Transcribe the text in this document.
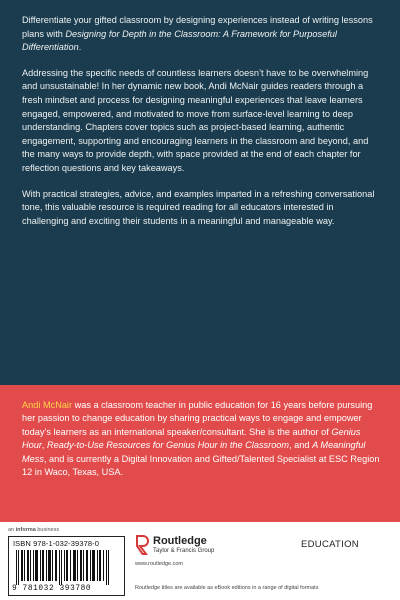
Differentiate your gifted classroom by designing experiences instead of writing lessons plans with Designing for Depth in the Classroom: A Framework for Purposeful Differentiation.

Addressing the specific needs of countless learners doesn’t have to be overwhelming and unsustainable! In her dynamic new book, Andi McNair guides readers through a fresh mindset and process for designing meaningful experiences that leave learners engaged, empowered, and motivated to move from surface-level learning to deep understanding. Chapters cover topics such as project-based learning, authentic engagement, supporting and encouraging learners in the classroom and beyond, and the many ways to provide depth, with space provided at the end of each chapter for reflection questions and key takeaways.

With practical strategies, advice, and examples imparted in a refreshing conversational tone, this valuable resource is required reading for all educators interested in challenging and exciting their students in a meaningful and manageable way.

Andi McNair was a classroom teacher in public education for 16 years before pursuing her passion to change education by sharing practical ways to engage and empower today’s learners as an international speaker/consultant. She is the author of Genius Hour, Ready-to-Use Resources for Genius Hour in the Classroom, and A Meaningful Mess, and is currently a Digital Innovation and Gifted/Talented Specialist at ESC Region 12 in Waco, Texas, USA.

an informa business
ISBN 978-1-032-39378-0
9 781032 393780
Routledge
Taylor & Francis Group
www.routledge.com
EDUCATION
Routledge titles are available as eBook editions in a range of digital formats
